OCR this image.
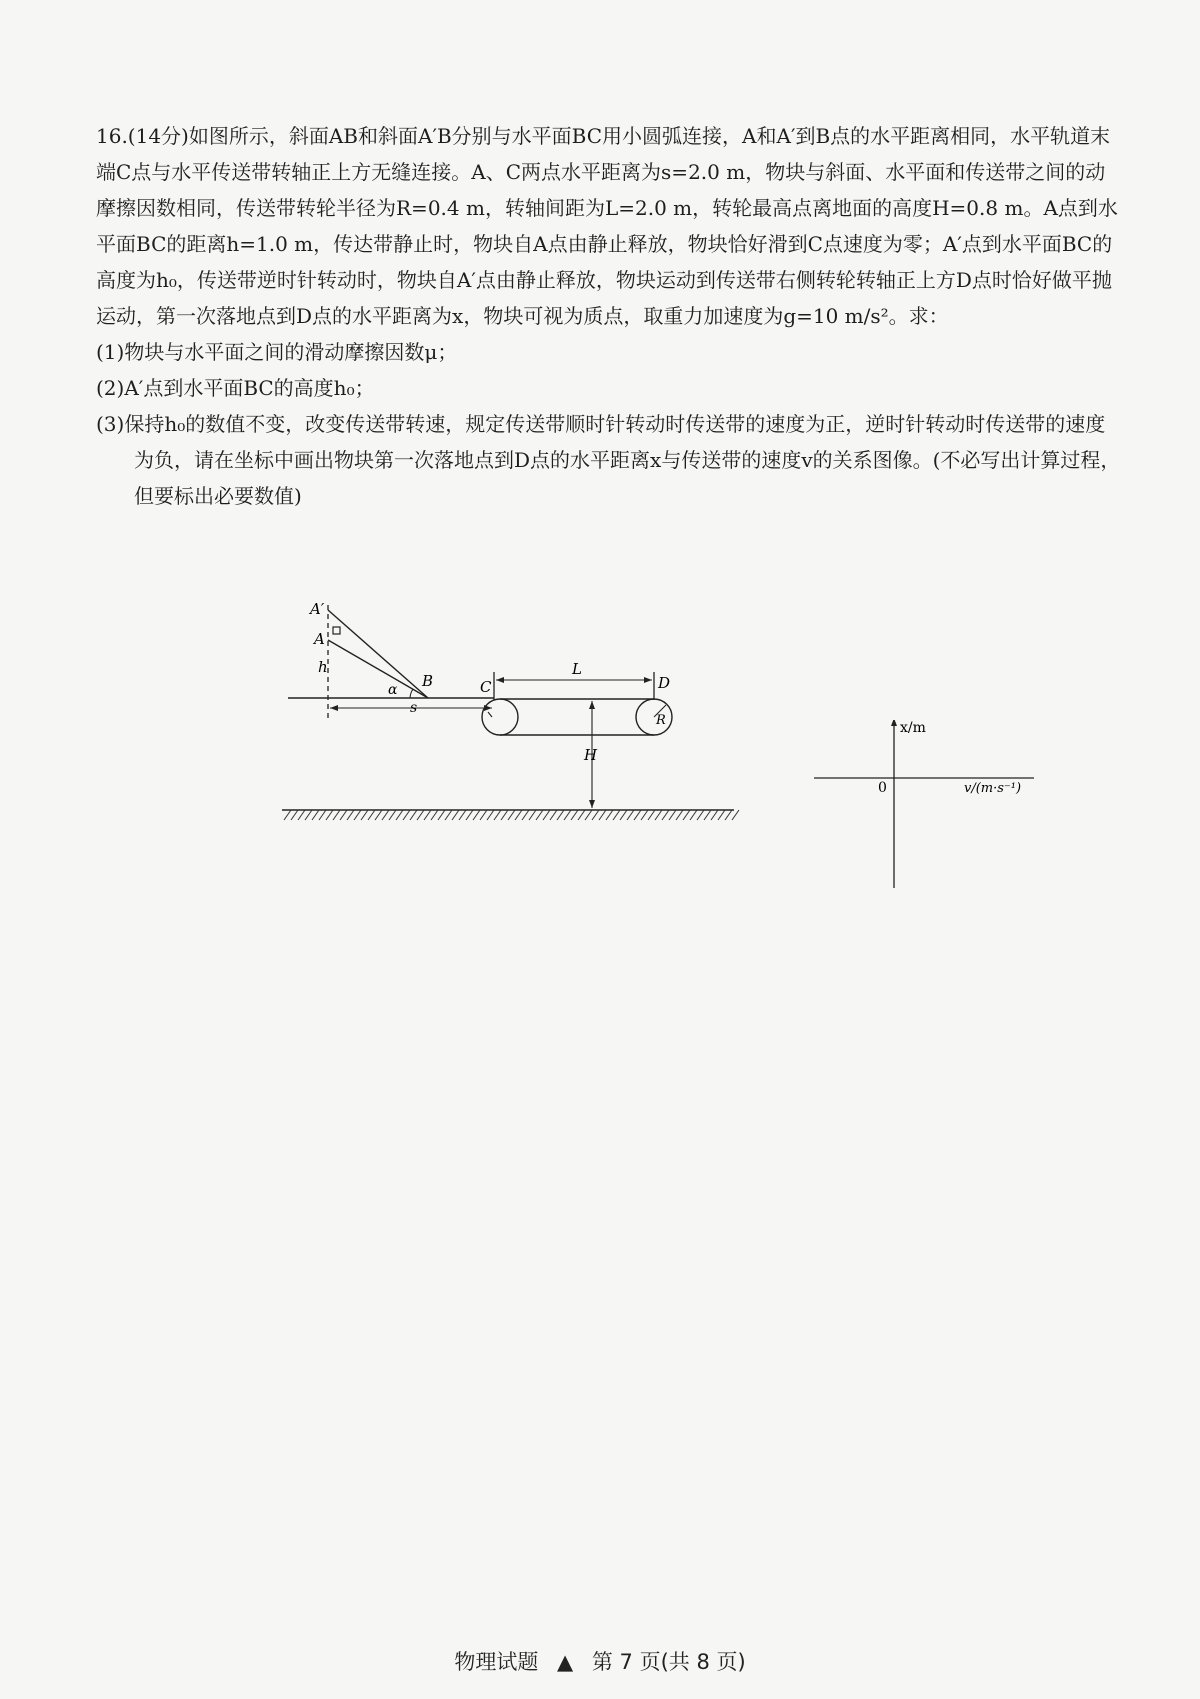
16.(14分)如图所示，斜面AB和斜面A′B分别与水平面BC用小圆弧连接，A和A′到B点的水平距离相同，水平轨道末端C点与水平传送带转轴正上方无缝连接。A、C两点水平距离为s=2.0 m，物块与斜面、水平面和传送带之间的动摩擦因数相同，传送带转轮半径为R=0.4 m，转轴间距为L=2.0 m，转轮最高点离地面的高度H=0.8 m。A点到水平面BC的距离h=1.0 m，传达带静止时，物块自A点由静止释放，物块恰好滑到C点速度为零；A′点到水平面BC的高度为h₀，传送带逆时针转动时，物块自A′点由静止释放，物块运动到传送带右侧转轮转轴正上方D点时恰好做平抛运动，第一次落地点到D点的水平距离为x，物块可视为质点，取重力加速度为g=10 m/s²。求：

(1)物块与水平面之间的滑动摩擦因数μ；

(2)A′点到水平面BC的高度h₀；

(3)保持h₀的数值不变，改变传送带转速，规定传送带顺时针转动时传送带的速度为正，逆时针转动时传送带的速度为负，请在坐标中画出物块第一次落地点到D点的水平距离x与传送带的速度v的关系图像。(不必写出计算过程，但要标出必要数值)

A′
A
h
α B
s
C
L
D
R
H
x/m
0	v/(m·s⁻¹)
物理试题 ▲ 第 7 页(共 8 页)
